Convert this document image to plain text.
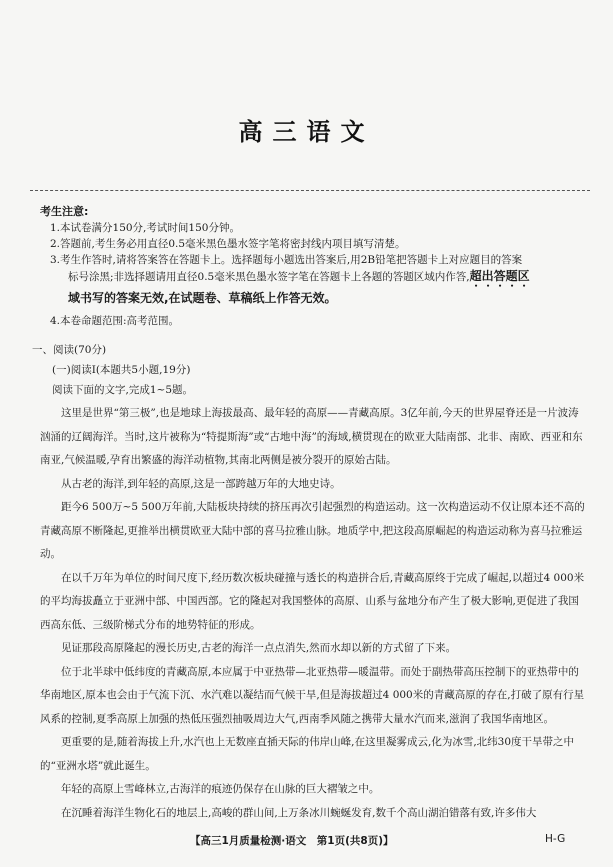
高三语文
考生注意:
1.本试卷满分150分,考试时间150分钟。
2.答题前,考生务必用直径0.5毫米黑色墨水签字笔将密封线内项目填写清楚。
3.考生作答时,请将答案答在答题卡上。选择题每小题选出答案后,用2B铅笔把答题卡上对应题目的答案
标号涂黑;非选择题请用直径0.5毫米黑色墨水签字笔在答题卡上各题的答题区域内作答,超出答题区
域书写的答案无效,在试题卷、草稿纸上作答无效。
4.本卷命题范围:高考范围。
一、阅读(70分)
(一)阅读Ⅰ(本题共5小题,19分)
阅读下面的文字,完成1~5题。

这里是世界“第三极”,也是地球上海拔最高、最年轻的高原——青藏高原。3亿年前,今天的世界屋脊还是一片波涛汹涌的辽阔海洋。当时,这片被称为“特提斯海”或“古地中海”的海域,横贯现在的欧亚大陆南部、北非、南欧、西亚和东南亚,气候温暖,孕育出繁盛的海洋动植物,其南北两侧是被分裂开的原始古陆。

从古老的海洋,到年轻的高原,这是一部跨越万年的大地史诗。

距今6 500万~5 500万年前,大陆板块持续的挤压再次引起强烈的构造运动。这一次构造运动不仅让原本还不高的青藏高原不断隆起,更推举出横贯欧亚大陆中部的喜马拉雅山脉。地质学中,把这段高原崛起的构造运动称为喜马拉雅运动。

在以千万年为单位的时间尺度下,经历数次板块碰撞与透长的构造拼合后,青藏高原终于完成了崛起,以超过4 000米的平均海拔矗立于亚洲中部、中国西部。它的隆起对我国整体的高原、山系与盆地分布产生了极大影响,更促进了我国西高东低、三级阶梯式分布的地势特征的形成。

见证那段高原隆起的漫长历史,古老的海洋一点点消失,然而水却以新的方式留了下来。

位于北半球中低纬度的青藏高原,本应属于中亚热带—北亚热带—暖温带。而处于副热带高压控制下的亚热带中的华南地区,原本也会由于气流下沉、水汽难以凝结而气候干旱,但是海拔超过4 000米的青藏高原的存在,打破了原有行星风系的控制,夏季高原上加强的热低压强烈抽吸周边大气,西南季风随之携带大量水汽而来,滋润了我国华南地区。

更重要的是,随着海拔上升,水汽也上无数座直插天际的伟岸山峰,在这里凝雾成云,化为冰雪,北纬30度干旱带之中的“亚洲水塔”就此诞生。

年轻的高原上雪峰林立,古海洋的痕迹仍保存在山脉的巨大褶皱之中。

在沉睡着海洋生物化石的地层上,高峻的群山间,上万条冰川蜿蜒发育,数千个高山湖泊错落有致,许多伟大

【高三1月质量检测·语文　第1页(共8页)】	H-G
